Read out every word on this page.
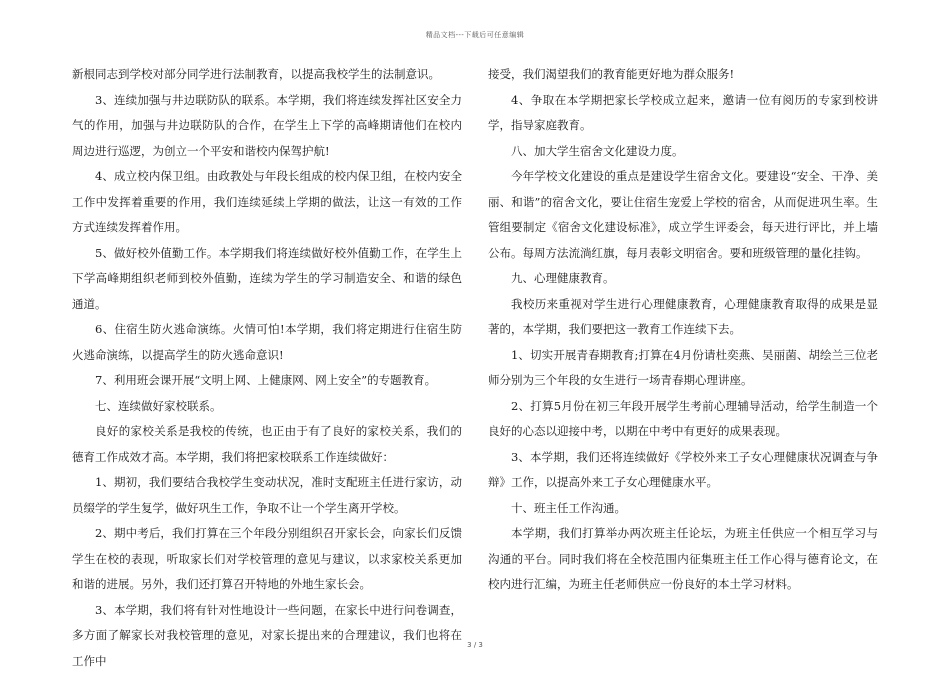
精品文档---下载后可任意编辑

新根同志到学校对部分同学进行法制教育，以提高我校学生的法制意识。

3、连续加强与井边联防队的联系。本学期，我们将连续发挥社区安全力气的作用，加强与井边联防队的合作，在学生上下学的高峰期请他们在校内周边进行巡逻，为创立一个平安和谐校内保驾护航!

4、成立校内保卫组。由政教处与年段长组成的校内保卫组，在校内安全工作中发挥着重要的作用，我们连续延续上学期的做法，让这一有效的工作方式连续发挥着作用。

5、做好校外值勤工作。本学期我们将连续做好校外值勤工作，在学生上下学高峰期组织老师到校外值勤，连续为学生的学习制造安全、和谐的绿色通道。

6、住宿生防火逃命演练。火情可怕!本学期，我们将定期进行住宿生防火逃命演练，以提高学生的防火逃命意识!

7、利用班会课开展“文明上网、上健康网、网上安全”的专题教育。

七、连续做好家校联系。

良好的家校关系是我校的传统，也正由于有了良好的家校关系，我们的德育工作成效才高。本学期，我们将把家校联系工作连续做好：

1、期初，我们要结合我校学生变动状况，准时支配班主任进行家访，动员缀学的学生复学，做好巩生工作，争取不让一个学生离开学校。

2、期中考后，我们打算在三个年段分别组织召开家长会，向家长们反馈学生在校的表现，听取家长们对学校管理的意见与建议，以求家校关系更加和谐的进展。另外，我们还打算召开特地的外地生家长会。

3、本学期，我们将有针对性地设计一些问题，在家长中进行问卷调查，多方面了解家长对我校管理的意见，对家长提出来的合理建议，我们也将在工作中

接受，我们渴望我们的教育能更好地为群众服务!

4、争取在本学期把家长学校成立起来，邀请一位有阅历的专家到校讲学，指导家庭教育。

八、加大学生宿舍文化建设力度。

今年学校文化建设的重点是建设学生宿舍文化。要建设“安全、干净、美丽、和谐”的宿舍文化，要让住宿生宠爱上学校的宿舍，从而促进巩生率。生管组要制定《宿舍文化建设标准》，成立学生评委会，每天进行评比，并上墙公布。每周方法流淌红旗，每月表彰文明宿舍。要和班级管理的量化挂钩。

九、心理健康教育。

我校历来重视对学生进行心理健康教育，心理健康教育取得的成果是显著的，本学期，我们要把这一教育工作连续下去。

1、切实开展青春期教育;打算在4月份请杜奕燕、吴丽菌、胡绘兰三位老师分别为三个年段的女生进行一场青春期心理讲座。

2、打算5月份在初三年段开展学生考前心理辅导活动，给学生制造一个良好的心态以迎接中考，以期在中考中有更好的成果表现。

3、本学期，我们还将连续做好《学校外来工子女心理健康状况调查与争辩》工作，以提高外来工子女心理健康水平。

十、班主任工作沟通。

本学期，我们打算举办两次班主任论坛，为班主任供应一个相互学习与沟通的平台。同时我们将在全校范围内征集班主任工作心得与德育论文，在校内进行汇编，为班主任老师供应一份良好的本土学习材料。

3 / 3
